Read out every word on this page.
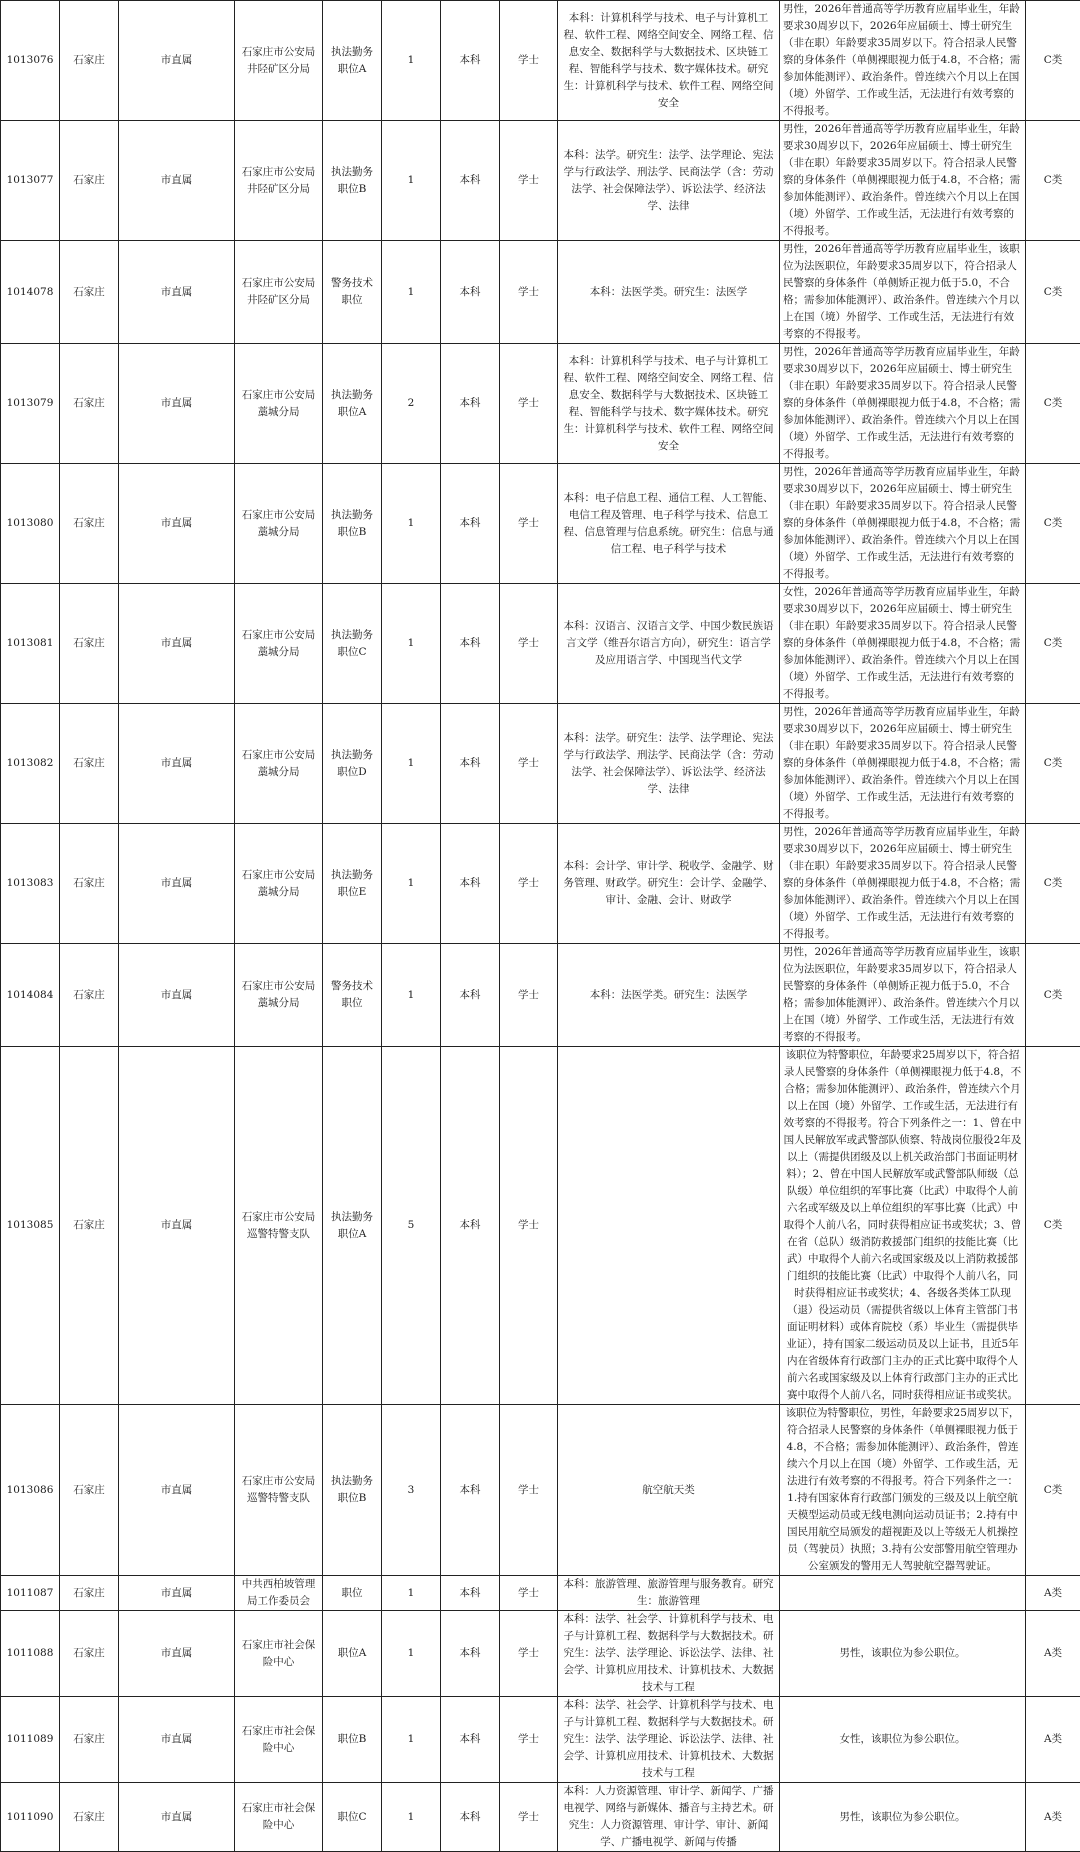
1013076	石家庄	市直属	石家庄市公安局井陉矿区分局	执法勤务职位A	1	本科	学士	本科：计算机科学与技术、电子与计算机工程、软件工程、网络空间安全、网络工程、信息安全、数据科学与大数据技术、区块链工程、智能科学与技术、数字媒体技术。研究生：计算机科学与技术、软件工程、网络空间安全	男性，2026年普通高等学历教育应届毕业生，年龄要求30周岁以下，2026年应届硕士、博士研究生（非在职）年龄要求35周岁以下。符合招录人民警察的身体条件（单侧裸眼视力低于4.8，不合格；需参加体能测评）、政治条件。曾连续六个月以上在国（境）外留学、工作或生活，无法进行有效考察的不得报考。	C类
1013077	石家庄	市直属	石家庄市公安局井陉矿区分局	执法勤务职位B	1	本科	学士	本科：法学。研究生：法学、法学理论、宪法学与行政法学、刑法学、民商法学（含：劳动法学、社会保障法学）、诉讼法学、经济法学、法律	男性，2026年普通高等学历教育应届毕业生，年龄要求30周岁以下，2026年应届硕士、博士研究生（非在职）年龄要求35周岁以下。符合招录人民警察的身体条件（单侧裸眼视力低于4.8，不合格；需参加体能测评）、政治条件。曾连续六个月以上在国（境）外留学、工作或生活，无法进行有效考察的不得报考。	C类
1014078	石家庄	市直属	石家庄市公安局井陉矿区分局	警务技术职位	1	本科	学士	本科：法医学类。研究生：法医学	男性，2026年普通高等学历教育应届毕业生，该职位为法医职位，年龄要求35周岁以下，符合招录人民警察的身体条件（单侧矫正视力低于5.0，不合格；需参加体能测评）、政治条件。曾连续六个月以上在国（境）外留学、工作或生活，无法进行有效考察的不得报考。	C类
1013079	石家庄	市直属	石家庄市公安局藁城分局	执法勤务职位A	2	本科	学士	本科：计算机科学与技术、电子与计算机工程、软件工程、网络空间安全、网络工程、信息安全、数据科学与大数据技术、区块链工程、智能科学与技术、数字媒体技术。研究生：计算机科学与技术、软件工程、网络空间安全	男性，2026年普通高等学历教育应届毕业生，年龄要求30周岁以下，2026年应届硕士、博士研究生（非在职）年龄要求35周岁以下。符合招录人民警察的身体条件（单侧裸眼视力低于4.8，不合格；需参加体能测评）、政治条件。曾连续六个月以上在国（境）外留学、工作或生活，无法进行有效考察的不得报考。	C类
1013080	石家庄	市直属	石家庄市公安局藁城分局	执法勤务职位B	1	本科	学士	本科：电子信息工程、通信工程、人工智能、电信工程及管理、电子科学与技术、信息工程、信息管理与信息系统。研究生：信息与通信工程、电子科学与技术	男性，2026年普通高等学历教育应届毕业生，年龄要求30周岁以下，2026年应届硕士、博士研究生（非在职）年龄要求35周岁以下。符合招录人民警察的身体条件（单侧裸眼视力低于4.8，不合格；需参加体能测评）、政治条件。曾连续六个月以上在国（境）外留学、工作或生活，无法进行有效考察的不得报考。	C类
1013081	石家庄	市直属	石家庄市公安局藁城分局	执法勤务职位C	1	本科	学士	本科：汉语言、汉语言文学、中国少数民族语言文学（维吾尔语言方向），研究生：语言学及应用语言学、中国现当代文学	女性，2026年普通高等学历教育应届毕业生，年龄要求30周岁以下，2026年应届硕士、博士研究生（非在职）年龄要求35周岁以下。符合招录人民警察的身体条件（单侧裸眼视力低于4.8，不合格；需参加体能测评）、政治条件。曾连续六个月以上在国（境）外留学、工作或生活，无法进行有效考察的不得报考。	C类
1013082	石家庄	市直属	石家庄市公安局藁城分局	执法勤务职位D	1	本科	学士	本科：法学。研究生：法学、法学理论、宪法学与行政法学、刑法学、民商法学（含：劳动法学、社会保障法学）、诉讼法学、经济法学、法律	男性，2026年普通高等学历教育应届毕业生，年龄要求30周岁以下，2026年应届硕士、博士研究生（非在职）年龄要求35周岁以下。符合招录人民警察的身体条件（单侧裸眼视力低于4.8，不合格；需参加体能测评）、政治条件。曾连续六个月以上在国（境）外留学、工作或生活，无法进行有效考察的不得报考。	C类
1013083	石家庄	市直属	石家庄市公安局藁城分局	执法勤务职位E	1	本科	学士	本科：会计学、审计学、税收学、金融学、财务管理、财政学。研究生：会计学、金融学、审计、金融、会计、财政学	男性，2026年普通高等学历教育应届毕业生，年龄要求30周岁以下，2026年应届硕士、博士研究生（非在职）年龄要求35周岁以下。符合招录人民警察的身体条件（单侧裸眼视力低于4.8，不合格；需参加体能测评）、政治条件。曾连续六个月以上在国（境）外留学、工作或生活，无法进行有效考察的不得报考。	C类
1014084	石家庄	市直属	石家庄市公安局藁城分局	警务技术职位	1	本科	学士	本科：法医学类。研究生：法医学	男性，2026年普通高等学历教育应届毕业生，该职位为法医职位，年龄要求35周岁以下，符合招录人民警察的身体条件（单侧矫正视力低于5.0，不合格；需参加体能测评）、政治条件。曾连续六个月以上在国（境）外留学、工作或生活，无法进行有效考察的不得报考。	C类
1013085	石家庄	市直属	石家庄市公安局巡警特警支队	执法勤务职位A	5	本科	学士		该职位为特警职位，年龄要求25周岁以下，符合招录人民警察的身体条件（单侧裸眼视力低于4.8，不合格；需参加体能测评）、政治条件，曾连续六个月以上在国（境）外留学、工作或生活，无法进行有效考察的不得报考。符合下列条件之一：1、曾在中国人民解放军或武警部队侦察、特战岗位服役2年及以上（需提供团级及以上机关政治部门书面证明材料）；2、曾在中国人民解放军或武警部队师级（总队级）单位组织的军事比赛（比武）中取得个人前六名或军级及以上单位组织的军事比赛（比武）中取得个人前八名，同时获得相应证书或奖状；3、曾在省（总队）级消防救援部门组织的技能比赛（比武）中取得个人前六名或国家级及以上消防救援部门组织的技能比赛（比武）中取得个人前八名，同时获得相应证书或奖状；4、各级各类体工队现（退）役运动员（需提供省级以上体育主管部门书面证明材料）或体育院校（系）毕业生（需提供毕业证），持有国家二级运动员及以上证书，且近5年内在省级体育行政部门主办的正式比赛中取得个人前六名或国家级及以上体育行政部门主办的正式比赛中取得个人前八名，同时获得相应证书或奖状。	C类
1013086	石家庄	市直属	石家庄市公安局巡警特警支队	执法勤务职位B	3	本科	学士	航空航天类	该职位为特警职位，男性，年龄要求25周岁以下，符合招录人民警察的身体条件（单侧裸眼视力低于4.8，不合格；需参加体能测评）、政治条件，曾连续六个月以上在国（境）外留学、工作或生活，无法进行有效考察的不得报考。符合下列条件之一：1.持有国家体育行政部门颁发的三级及以上航空航天模型运动员或无线电测向运动员证书；2.持有中国民用航空局颁发的超视距及以上等级无人机操控员（驾驶员）执照；3.持有公安部警用航空管理办公室颁发的警用无人驾驶航空器驾驶证。	C类
1011087	石家庄	市直属	中共西柏坡管理局工作委员会	职位	1	本科	学士	本科：旅游管理、旅游管理与服务教育。研究生：旅游管理		A类
1011088	石家庄	市直属	石家庄市社会保险中心	职位A	1	本科	学士	本科：法学、社会学、计算机科学与技术、电子与计算机工程、数据科学与大数据技术。研究生：法学、法学理论、诉讼法学、法律、社会学、计算机应用技术、计算机技术、大数据技术与工程	男性，该职位为参公职位。	A类
1011089	石家庄	市直属	石家庄市社会保险中心	职位B	1	本科	学士	本科：法学、社会学、计算机科学与技术、电子与计算机工程、数据科学与大数据技术。研究生：法学、法学理论、诉讼法学、法律、社会学、计算机应用技术、计算机技术、大数据技术与工程	女性，该职位为参公职位。	A类
1011090	石家庄	市直属	石家庄市社会保险中心	职位C	1	本科	学士	本科：人力资源管理、审计学、新闻学、广播电视学、网络与新媒体、播音与主持艺术。研究生：人力资源管理、审计学、审计、新闻学、广播电视学、新闻与传播	男性，该职位为参公职位。	A类
